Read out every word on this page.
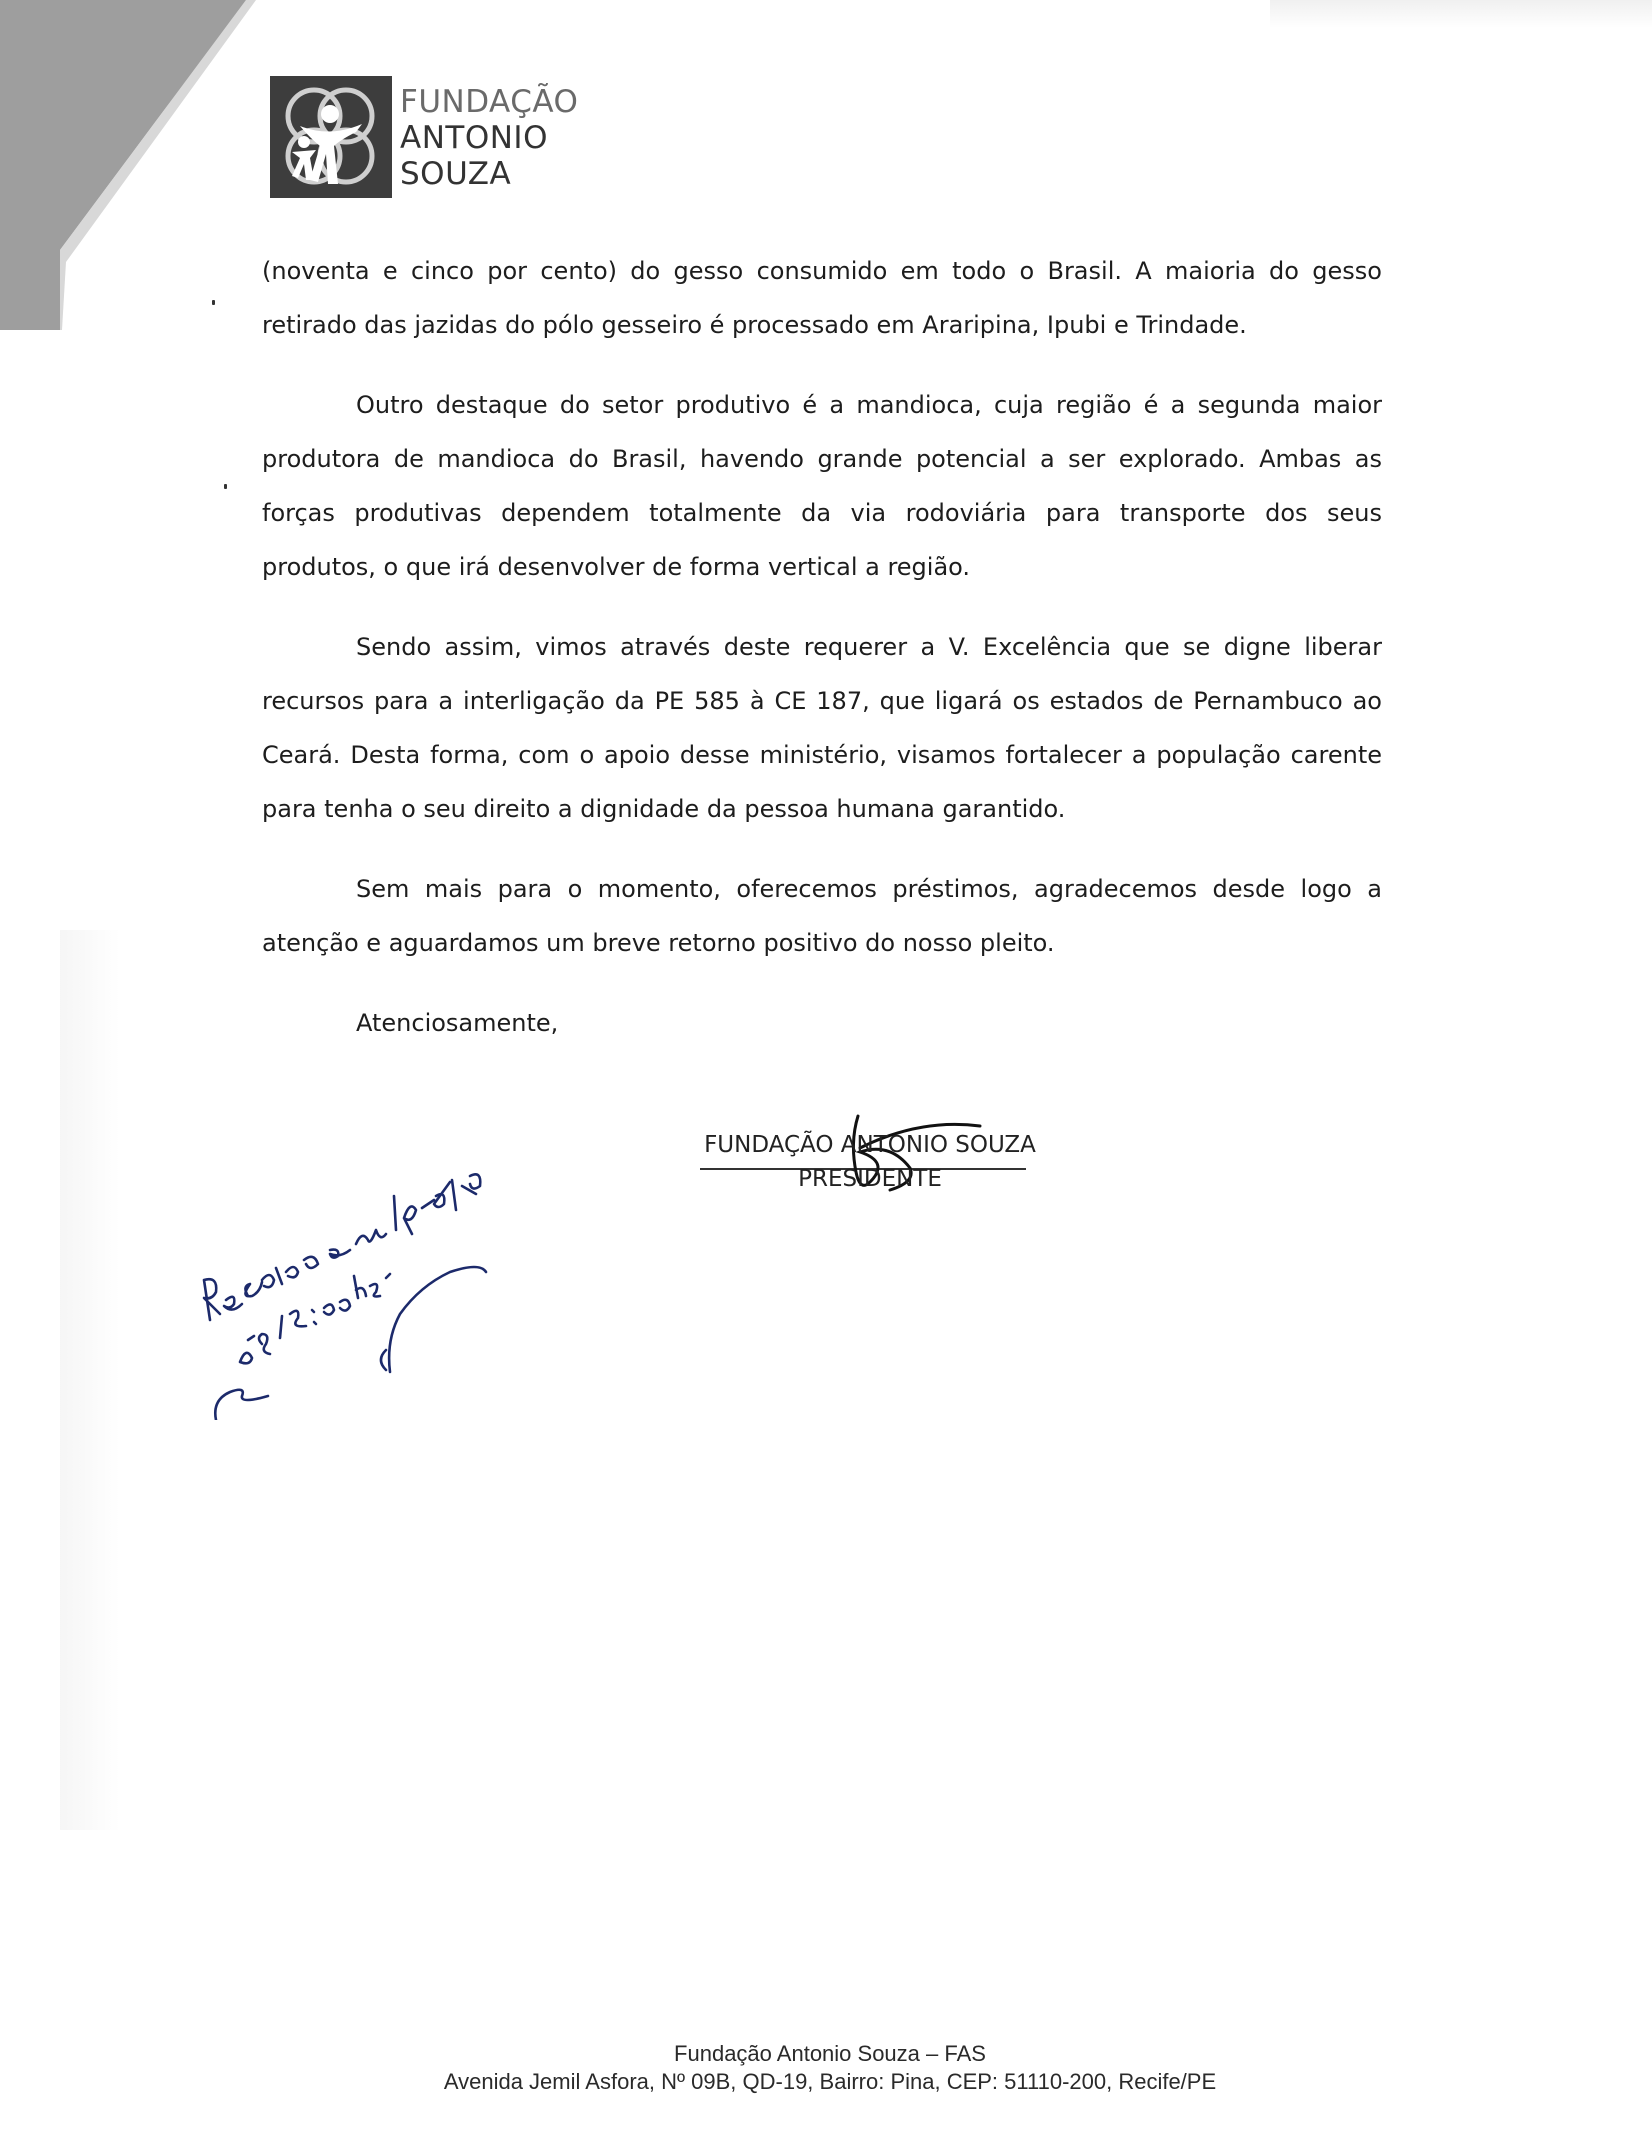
FUNDAÇÃO
ANTONIO
SOUZA

(noventa e cinco por cento) do gesso consumido em todo o Brasil. A maioria do gesso retirado das jazidas do pólo gesseiro é processado em Araripina, Ipubi e Trindade.

Outro destaque do setor produtivo é a mandioca, cuja região é a segunda maior produtora de mandioca do Brasil, havendo grande potencial a ser explorado. Ambas as forças produtivas dependem totalmente da via rodoviária para transporte dos seus produtos, o que irá desenvolver de forma vertical a região.

Sendo assim, vimos através deste requerer a V. Excelência que se digne liberar recursos para a interligação da PE 585 à CE 187, que ligará os estados de Pernambuco ao Ceará. Desta forma, com o apoio desse ministério, visamos fortalecer a população carente para tenha o seu direito a dignidade da pessoa humana garantido.

Sem mais para o momento, oferecemos préstimos, agradecemos desde logo a atenção e aguardamos um breve retorno positivo do nosso pleito.

Atenciosamente,

FUNDAÇÃO ANTONIO SOUZA
PRESIDENTE
Fundação Antonio Souza – FAS
Avenida Jemil Asfora, Nº 09B, QD-19, Bairro: Pina, CEP: 51110-200, Recife/PE
